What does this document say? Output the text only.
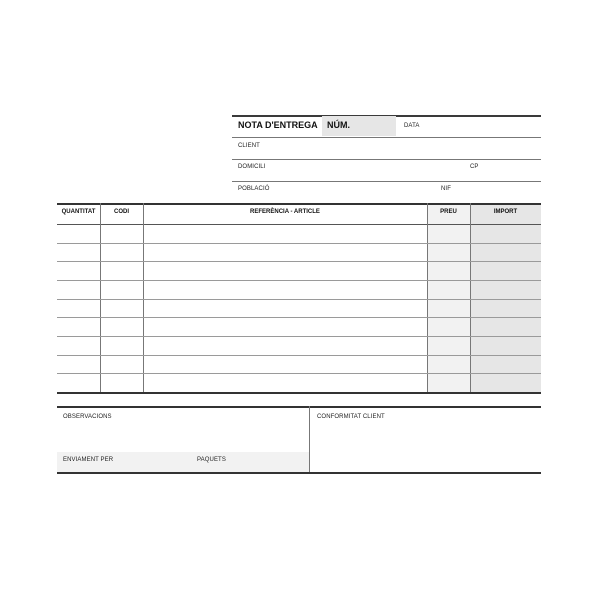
NOTA D'ENTREGA NÚM.	DATA
CLIENT
DOMICILI	CP
POBLACIÓ	NIF
QUANTITAT	CODI	REFERÈNCIA - ARTICLE	PREU	IMPORT
OBSERVACIONS
ENVIAMENT PER	PAQUETS
CONFORMITAT CLIENT
